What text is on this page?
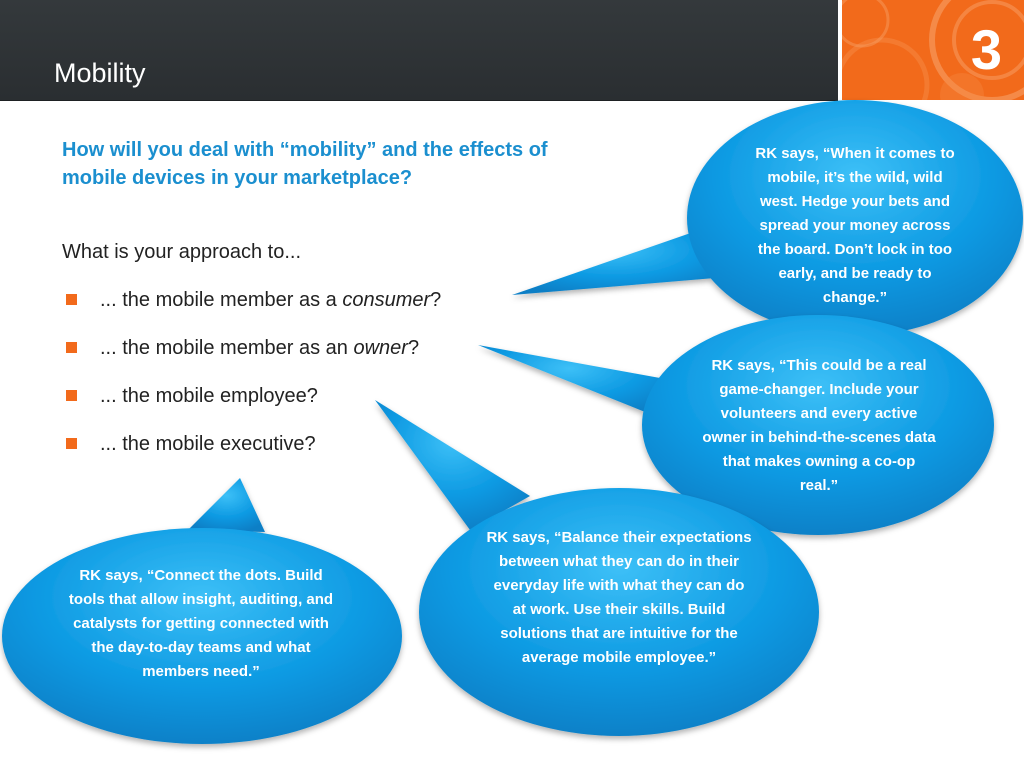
Mobility	3
How will you deal with “mobility” and the effects of mobile devices in your marketplace?
What is your approach to...
... the mobile member as a consumer?
... the mobile member as an owner?
... the mobile employee?
... the mobile executive?
RK says, “When it comes to mobile, it’s the wild, wild west. Hedge your bets and spread your money across the board. Don’t lock in too early, and be ready to change.”
RK says, “This could be a real game-changer. Include your volunteers and every active owner in behind-the-scenes data that makes owning a co-op real.”
RK says, “Connect the dots. Build tools that allow insight, auditing, and catalysts for getting connected with the day-to-day teams and what members need.”
RK says, “Balance their expectations between what they can do in their everyday life with what they can do at work. Use their skills. Build solutions that are intuitive for the average mobile employee.”
